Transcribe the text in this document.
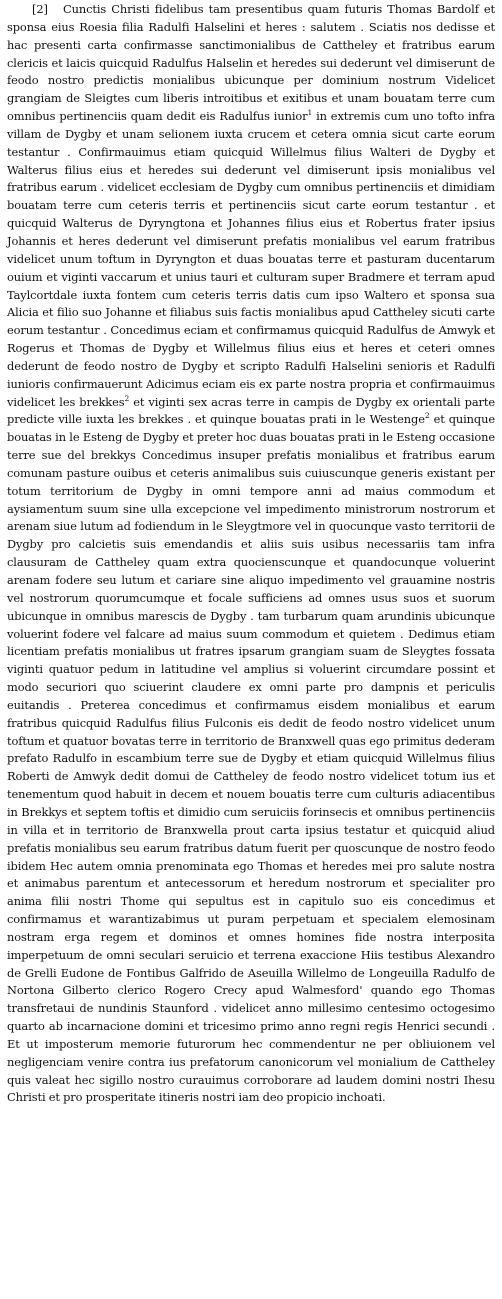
[2] Cunctis Christi fidelibus tam presentibus quam futuris Thomas Bardolf et sponsa eius Roesia filia Radulfi Halselini et heres : salutem . Sciatis nos dedisse et hac presenti carta confirmasse sanctimonialibus de Cattheley et fratribus earum clericis et laicis quicquid Radulfus Halselin et heredes sui dederunt vel dimiserunt de feodo nostro predictis monialibus ubicunque per dominium nostrum Videlicet grangiam de Sleigtes cum liberis introitibus et exitibus et unam bouatam terre cum omnibus pertinenciis quam dedit eis Radulfus iunior$^1$ in extremis cum uno tofto infra villam de Dygby et unam selionem iuxta crucem et cetera omnia sicut carte eorum testantur . Confirmauimus etiam quicquid Willelmus filius Walteri de Dygby et Walterus filius eius et heredes sui dederunt vel dimiserunt ipsis monialibus vel fratribus earum . videlicet ecclesiam de Dygby cum omnibus pertinenciis et dimidiam bouatam terre cum ceteris terris et pertinenciis sicut carte eorum testantur . et quicquid Walterus de Dyryngtona et Johannes filius eius et Robertus frater ipsius Johannis et heres dederunt vel dimiserunt prefatis monialibus vel earum fratribus videlicet unum toftum in Dyryngton et duas bouatas terre et pasturam ducentarum ouium et viginti vaccarum et unius tauri et culturam super Bradmere et terram apud Taylcortdale iuxta fontem cum ceteris terris datis cum ipso Waltero et sponsa sua Alicia et filio suo Johanne et filiabus suis factis monialibus apud Cattheley sicuti carte eorum testantur . Concedimus eciam et confirmamus quicquid Radulfus de Amwyk et Rogerus et Thomas de Dygby et Willelmus filius eius et heres et ceteri omnes dederunt de feodo nostro de Dygby et scripto Radulfi Halselini senioris et Radulfi iunioris confirmauerunt Adicimus eciam eis ex parte nostra propria et confirmauimus videlicet les brekkes$^2$ et viginti sex acras terre in campis de Dygby ex orientali parte predicte ville iuxta les brekkes . et quinque bouatas prati in le Westenge$^2$ et quinque bouatas in le Esteng de Dygby et preter hoc duas bouatas prati in le Esteng occasione terre sue del brekkys Concedimus insuper prefatis monialibus et fratribus earum comunam pasture ouibus et ceteris animalibus suis cuiuscunque generis existant per totum territorium de Dygby in omni tempore anni ad maius commodum et aysiamentum suum sine ulla excepcione vel impedimento ministrorum nostrorum et arenam siue lutum ad fodiendum in le Sleygtmore vel in quocunque vasto territorii de Dygby pro calcietis suis emendandis et aliis suis usibus necessariis tam infra clausuram de Cattheley quam extra quocienscunque et quandocunque voluerint arenam fodere seu lutum et cariare sine aliquo impedimento vel grauamine nostris vel nostrorum quorumcumque et focale sufficiens ad omnes usus suos et suorum ubicunque in omnibus marescis de Dygby . tam turbarum quam arundinis ubicunque voluerint fodere vel falcare ad maius suum commodum et quietem . Dedimus etiam licentiam prefatis monialibus ut fratres ipsarum grangiam suam de Sleygtes fossata viginti quatuor pedum in latitudine vel amplius si voluerint circumdare possint et modo securiori quo sciuerint claudere ex omni parte pro dampnis et periculis euitandis . Preterea concedimus et confirmamus eisdem monialibus et earum fratribus quicquid Radulfus filius Fulconis eis dedit de feodo nostro videlicet unum toftum et quatuor bovatas terre in territorio de Branxwell quas ego primitus dederam prefato Radulfo in escambium terre sue de Dygby et etiam quicquid Willelmus filius Roberti de Amwyk dedit domui de Cattheley de feodo nostro videlicet totum ius et tenementum quod habuit in decem et nouem bouatis terre cum culturis adiacentibus in Brekkys et septem toftis et dimidio cum seruiciis forinsecis et omnibus pertinenciis in villa et in territorio de Branxwella prout carta ipsius testatur et quicquid aliud prefatis monialibus seu earum fratribus datum fuerit per quoscunque de nostro feodo ibidem Hec autem omnia prenominata ego Thomas et heredes mei pro salute nostra et animabus parentum et antecessorum et heredum nostrorum et specialiter pro anima filii nostri Thome qui sepultus est in capitulo suo eis concedimus et confirmamus et warantizabimus ut puram perpetuam et specialem elemosinam nostram erga regem et dominos et omnes homines fide nostra interposita imperpetuum de omni seculari seruicio et terrena exaccione Hiis testibus Alexandro de Grelli Eudone de Fontibus Galfrido de Aseuilla Willelmo de Longeuilla Radulfo de Nortona Gilberto clerico Rogero Crecy apud Walmesford' quando ego Thomas transfretaui de nundinis Staunford . videlicet anno millesimo centesimo octogesimo quarto ab incarnacione domini et tricesimo primo anno regni regis Henrici secundi . Et ut imposterum memorie futurorum hec commendentur ne per obliuionem vel negligenciam venire contra ius prefatorum canonicorum vel monialium de Cattheley quis valeat hec sigillo nostro curauimus corroborare ad laudem domini nostri Ihesu Christi et pro prosperitate itineris nostri iam deo propicio inchoati.
